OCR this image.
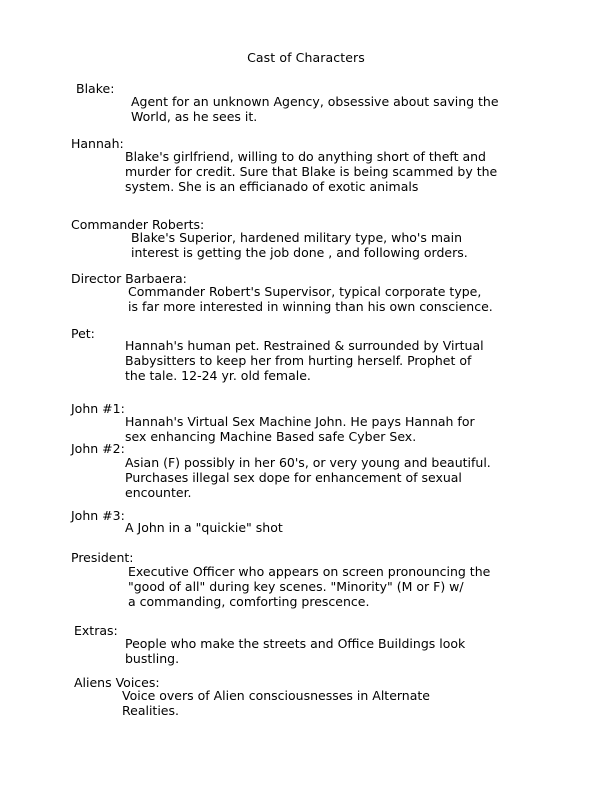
Cast of Characters
Blake:
Agent for an unknown Agency, obsessive about saving the
World, as he sees it.
Hannah:
Blake's girlfriend, willing to do anything short of theft and
murder for credit. Sure that Blake is being scammed by the
system. She is an efficianado of exotic animals
Commander Roberts:
Blake's Superior, hardened military type, who's main
interest is getting the job done , and following orders.
Director Barbaera:
Commander Robert's Supervisor, typical corporate type,
is far more interested in winning than his own conscience.
Pet:
Hannah's human pet. Restrained & surrounded by Virtual
Babysitters to keep her from hurting herself. Prophet of
the tale. 12-24 yr. old female.
John #1:
Hannah's Virtual Sex Machine John. He pays Hannah for
sex enhancing Machine Based safe Cyber Sex.
John #2:
Asian (F) possibly in her 60's, or very young and beautiful.
Purchases illegal sex dope for enhancement of sexual
encounter.
John #3:
A John in a "quickie" shot
President:
Executive Officer who appears on screen pronouncing the
"good of all" during key scenes. "Minority" (M or F) w/
a commanding, comforting prescence.
Extras:
People who make the streets and Office Buildings look
bustling.
Aliens Voices:
Voice overs of Alien consciousnesses in Alternate
Realities.
